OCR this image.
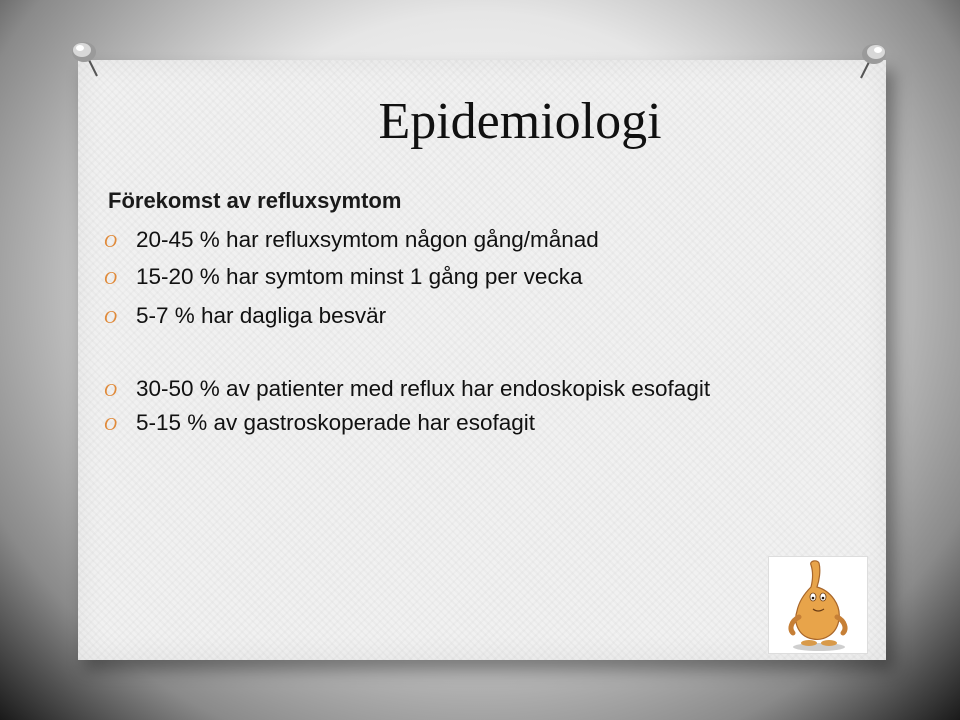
Epidemiologi
Förekomst av refluxsymtom
O 20-45 % har refluxsymtom någon gång/månad
O 15-20 % har symtom minst 1 gång per vecka
O 5-7 % har dagliga besvär
O 30-50 % av patienter med reflux har endoskopisk esofagit
O 5-15 % av gastroskoperade har esofagit
